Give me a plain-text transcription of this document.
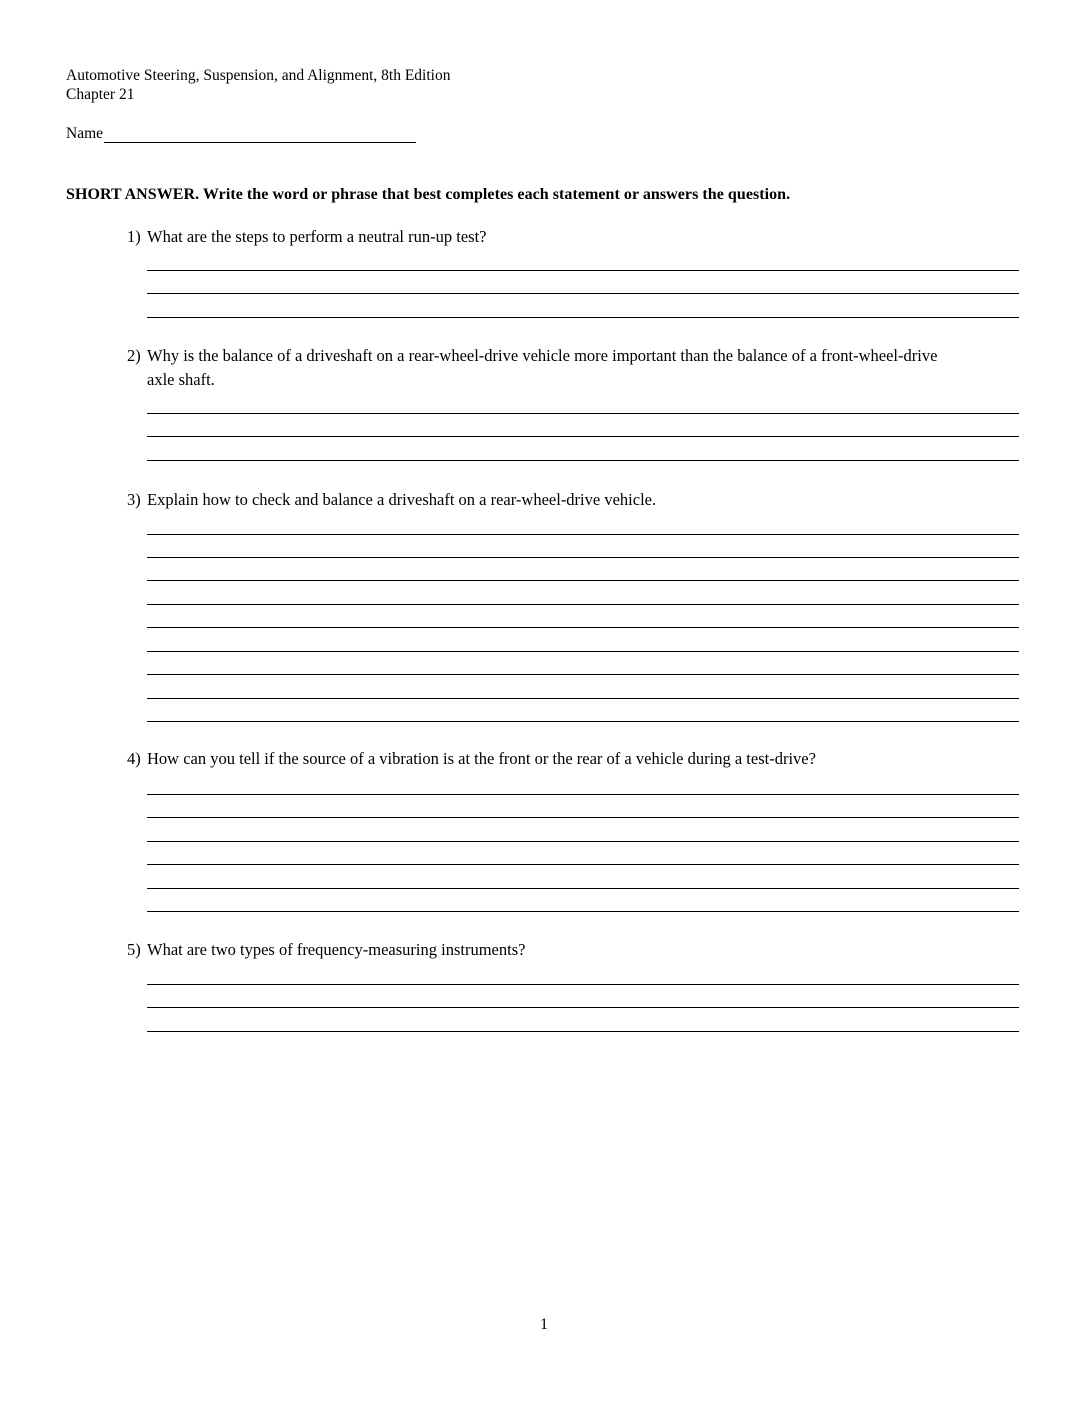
Automotive Steering, Suspension, and Alignment, 8th Edition
Chapter 21
Name
SHORT ANSWER. Write the word or phrase that best completes each statement or answers the question.
1) What are the steps to perform a neutral run-up test?
2) Why is the balance of a driveshaft on a rear-wheel-drive vehicle more important than the balance of a front-wheel-drive axle shaft.
3) Explain how to check and balance a driveshaft on a rear-wheel-drive vehicle.
4) How can you tell if the source of a vibration is at the front or the rear of a vehicle during a test-drive?
5) What are two types of frequency-measuring instruments?
1
